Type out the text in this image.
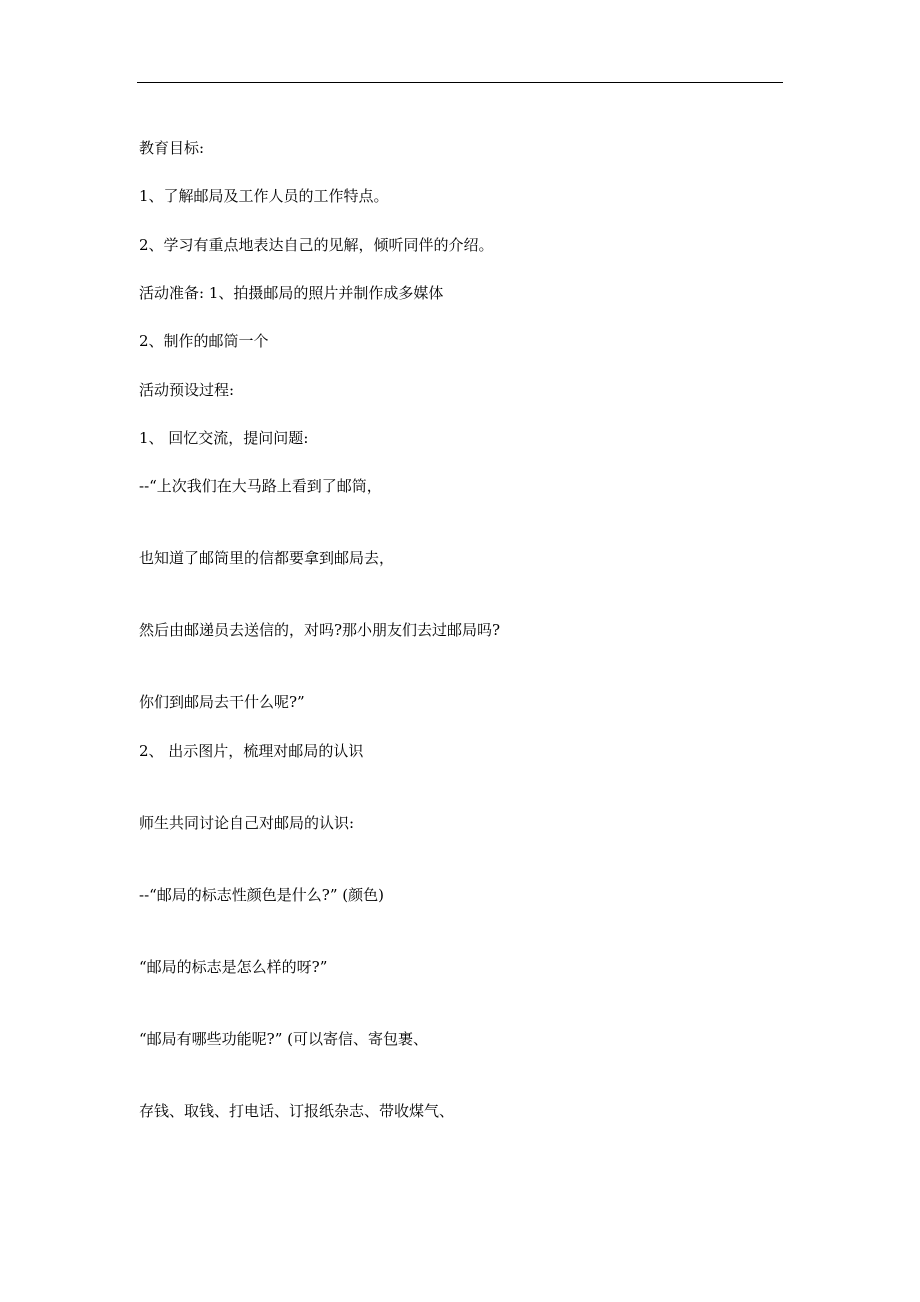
教育目标:
1、了解邮局及工作人员的工作特点。
2、学习有重点地表达自己的见解，倾听同伴的介绍。
活动准备: 1、拍摄邮局的照片并制作成多媒体
2、制作的邮筒一个
活动预设过程:
1、 回忆交流，提问问题:
--“上次我们在大马路上看到了邮筒，
也知道了邮筒里的信都要拿到邮局去，
然后由邮递员去送信的，对吗?那小朋友们去过邮局吗?
你们到邮局去干什么呢?”
2、 出示图片，梳理对邮局的认识
师生共同讨论自己对邮局的认识:
--“邮局的标志性颜色是什么?” (颜色)
“邮局的标志是怎么样的呀?”
“邮局有哪些功能呢?” (可以寄信、寄包裹、
存钱、取钱、打电话、订报纸杂志、带收煤气、
